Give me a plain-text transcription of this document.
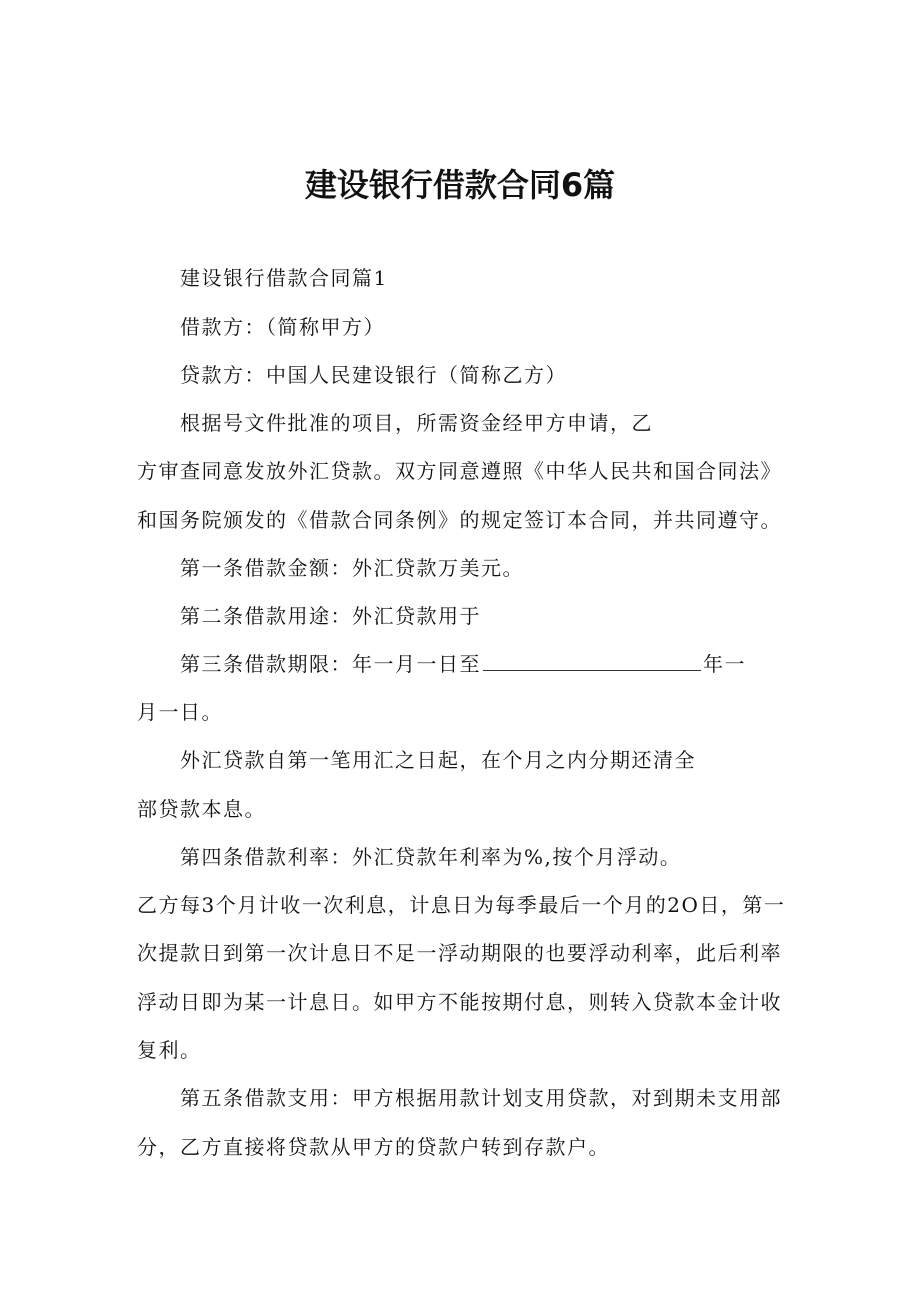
建设银行借款合同6篇
建设银行借款合同篇1
借款方：（简称甲方）
贷款方：中国人民建设银行（简称乙方）
根据号文件批准的项目，所需资金经甲方申请，乙
方审查同意发放外汇贷款。双方同意遵照《中华人民共和国合同法》
和国务院颁发的《借款合同条例》的规定签订本合同，并共同遵守。
第一条借款金额：外汇贷款万美元。
第二条借款用途：外汇贷款用于
第三条借款期限：年一月一日至	年一
月一日。
外汇贷款自第一笔用汇之日起，在个月之内分期还清全
部贷款本息。
第四条借款利率：外汇贷款年利率为%,按个月浮动。
乙方每3个月计收一次利息，计息日为每季最后一个月的2O日，第一
次提款日到第一次计息日不足一浮动期限的也要浮动利率，此后利率
浮动日即为某一计息日。如甲方不能按期付息，则转入贷款本金计收
复利。
第五条借款支用：甲方根据用款计划支用贷款，对到期未支用部
分，乙方直接将贷款从甲方的贷款户转到存款户。
